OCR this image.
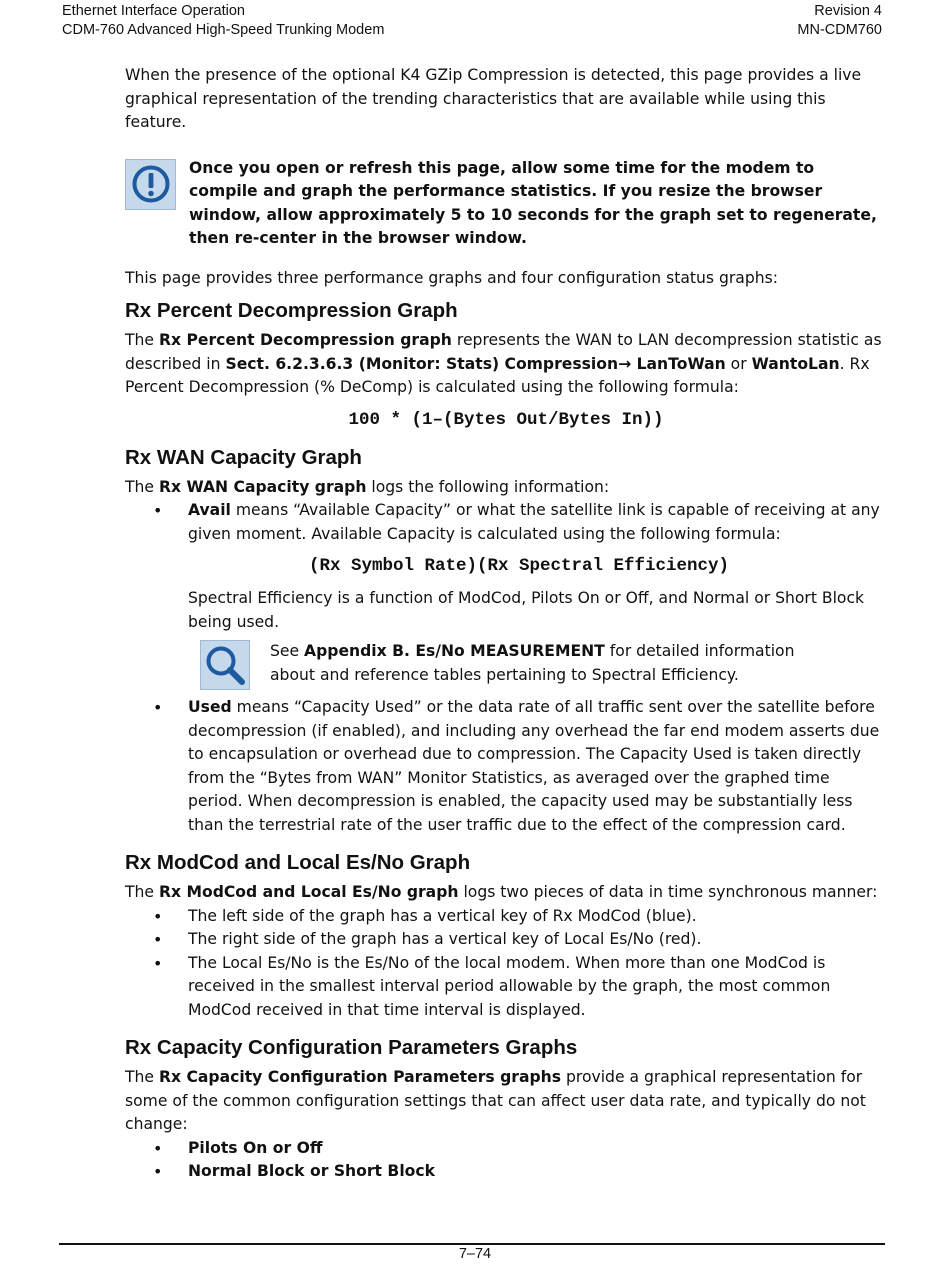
Ethernet Interface Operation	Revision 4
CDM-760 Advanced High-Speed Trunking Modem	MN-CDM760

When the presence of the optional K4 GZip Compression is detected, this page provides a live graphical representation of the trending characteristics that are available while using this feature.

Once you open or refresh this page, allow some time for the modem to compile and graph the performance statistics. If you resize the browser window, allow approximately 5 to 10 seconds for the graph set to regenerate, then re-center in the browser window.

This page provides three performance graphs and four configuration status graphs:

Rx Percent Decompression Graph

The Rx Percent Decompression graph represents the WAN to LAN decompression statistic as described in Sect. 6.2.3.6.3 (Monitor: Stats) Compression→ LanToWan or WantoLan. Rx Percent Decompression (% DeComp) is calculated using the following formula:

100 * (1–(Bytes Out/Bytes In))
Rx WAN Capacity Graph

The Rx WAN Capacity graph logs the following information:

• Avail means “Available Capacity” or what the satellite link is capable of receiving at any given moment. Available Capacity is calculated using the following formula:
(Rx Symbol Rate)(Rx Spectral Efficiency)

Spectral Efficiency is a function of ModCod, Pilots On or Off, and Normal or Short Block being used.

See Appendix B. Es/No MEASUREMENT for detailed information about and reference tables pertaining to Spectral Efficiency.

• Used means “Capacity Used” or the data rate of all traffic sent over the satellite before decompression (if enabled), and including any overhead the far end modem asserts due to encapsulation or overhead due to compression. The Capacity Used is taken directly from the “Bytes from WAN” Monitor Statistics, as averaged over the graphed time period. When decompression is enabled, the capacity used may be substantially less than the terrestrial rate of the user traffic due to the effect of the compression card.
Rx ModCod and Local Es/No Graph

The Rx ModCod and Local Es/No graph logs two pieces of data in time synchronous manner:

• The left side of the graph has a vertical key of Rx ModCod (blue).
• The right side of the graph has a vertical key of Local Es/No (red).
• The Local Es/No is the Es/No of the local modem. When more than one ModCod is received in the smallest interval period allowable by the graph, the most common ModCod received in that time interval is displayed.
Rx Capacity Configuration Parameters Graphs

The Rx Capacity Configuration Parameters graphs provide a graphical representation for some of the common configuration settings that can affect user data rate, and typically do not change:

• Pilots On or Off
• Normal Block or Short Block
7–74
